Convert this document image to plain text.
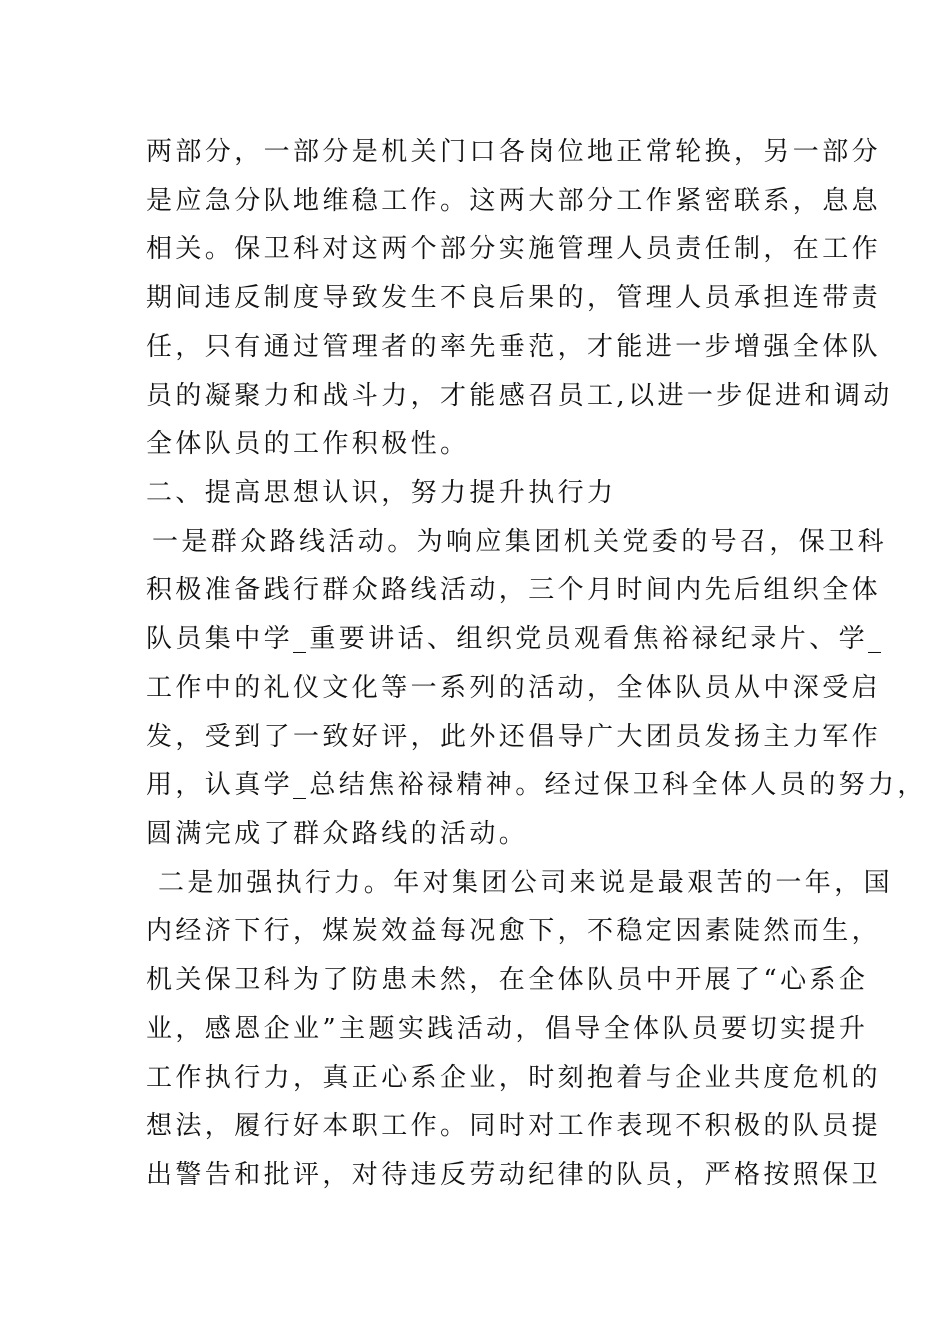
两部分，一部分是机关门口各岗位地正常轮换，另一部分

是应急分队地维稳工作。这两大部分工作紧密联系，息息

相关。保卫科对这两个部分实施管理人员责任制，在工作

期间违反制度导致发生不良后果的，管理人员承担连带责

任，只有通过管理者的率先垂范，才能进一步增强全体队

员的凝聚力和战斗力，才能感召员工,以进一步促进和调动

全体队员的工作积极性。

二、提高思想认识，努力提升执行力

一是群众路线活动。为响应集团机关党委的号召，保卫科

积极准备践行群众路线活动，三个月时间内先后组织全体

队员集中学_重要讲话、组织党员观看焦裕禄纪录片、学_

工作中的礼仪文化等一系列的活动，全体队员从中深受启

发，受到了一致好评，此外还倡导广大团员发扬主力军作

用，认真学_总结焦裕禄精神。经过保卫科全体人员的努力，

圆满完成了群众路线的活动。

二是加强执行力。年对集团公司来说是最艰苦的一年，国

内经济下行，煤炭效益每况愈下，不稳定因素陡然而生，

机关保卫科为了防患未然，在全体队员中开展了“心系企

业，感恩企业”主题实践活动，倡导全体队员要切实提升

工作执行力，真正心系企业，时刻抱着与企业共度危机的

想法，履行好本职工作。同时对工作表现不积极的队员提

出警告和批评，对待违反劳动纪律的队员，严格按照保卫
